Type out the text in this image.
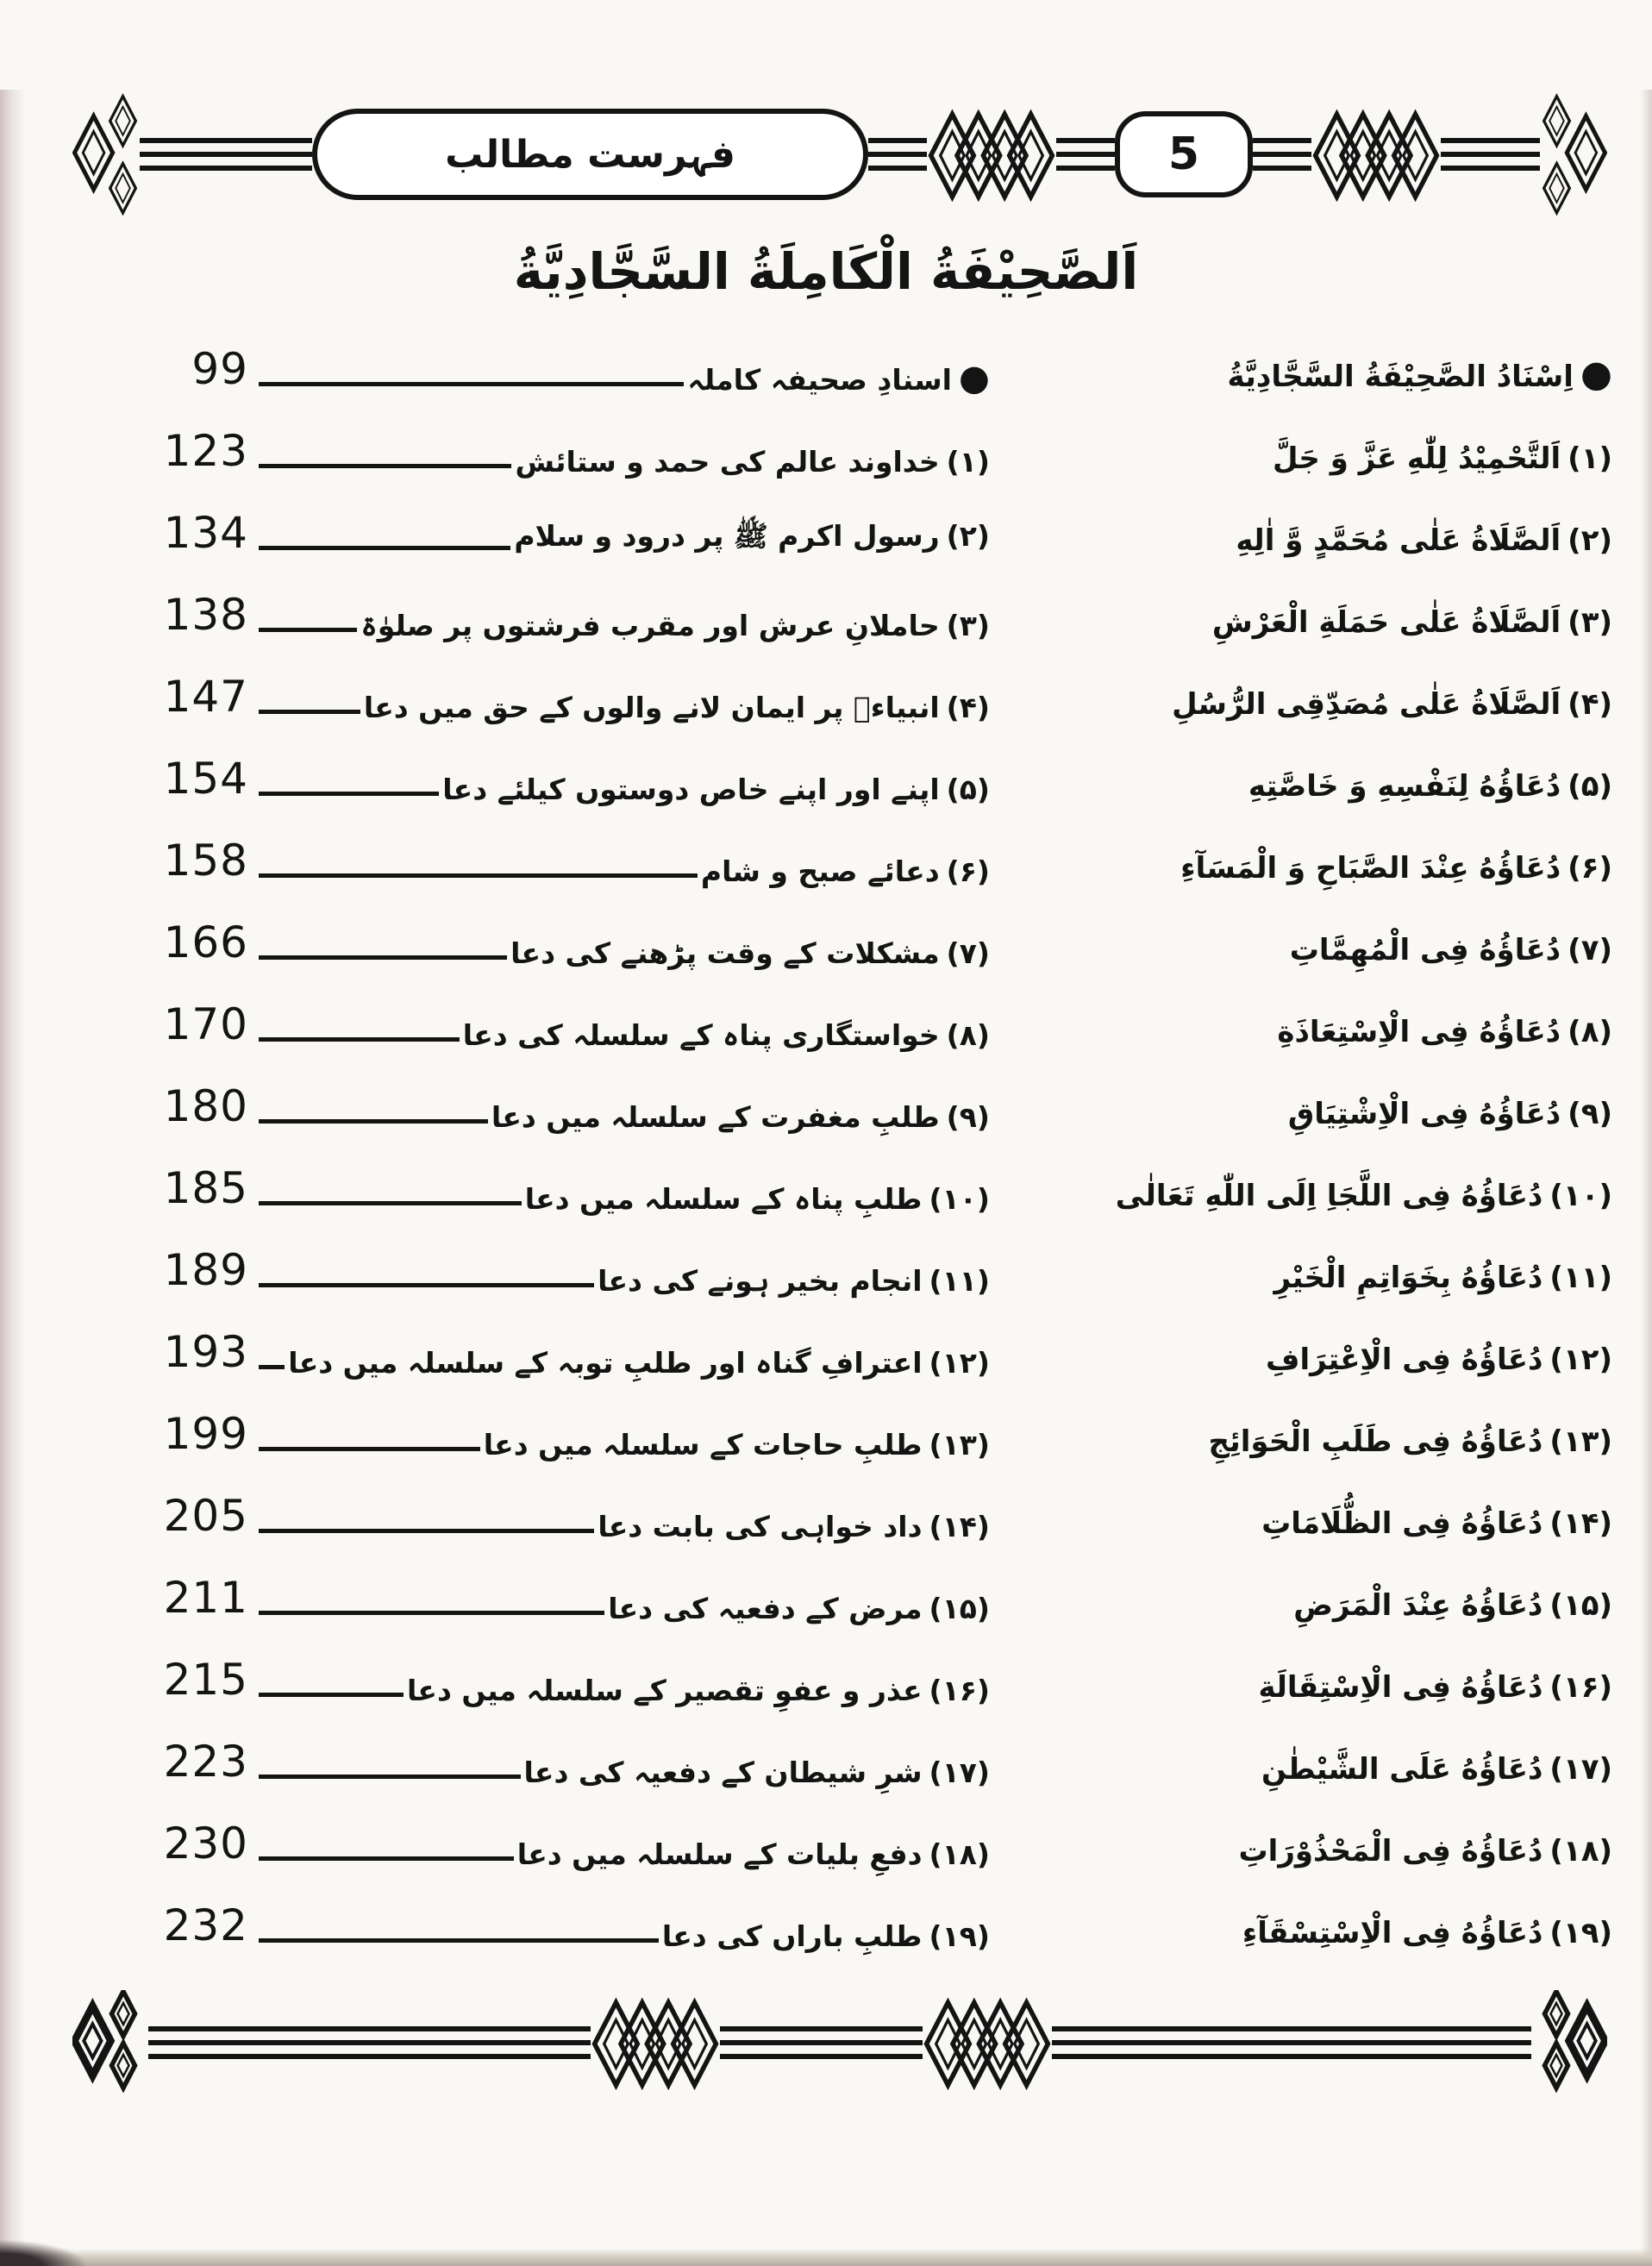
فہرست مطالب	5
اَلصَّحِيْفَةُ الْكَامِلَةُ السَّجَّادِيَّةُ
99	●اسنادِ صحیفہ کاملہ	●اِسْنَادُ الصَّحِيْفَةُ السَّجَّادِيَّةُ
123	(۱)خداوند عالم کی حمد و ستائش	(۱)اَلتَّحْمِيْدُ لِلّٰهِ عَزَّ وَ جَلَّ
134	(۲)رسول اکرم ﷺ پر درود و سلام	(۲)اَلصَّلَاةُ عَلٰى مُحَمَّدٍ وَّ اٰلِهِ
138	(۳)حاملانِ عرش اور مقرب فرشتوں پر صلوٰۃ	(۳)اَلصَّلَاةُ عَلٰى حَمَلَةِ الْعَرْشِ
147	(۴)انبیاءؑ پر ایمان لانے والوں کے حق میں دعا	(۴)اَلصَّلَاةُ عَلٰى مُصَدِّقِی الرُّسُلِ
154	(۵)اپنے اور اپنے خاص دوستوں کیلئے دعا	(۵)دُعَاؤُهُ لِنَفْسِهِ وَ خَاصَّتِهِ
158	(۶)دعائے صبح و شام	(۶)دُعَاؤُهُ عِنْدَ الصَّبَاحِ وَ الْمَسَآءِ
166	(۷)مشکلات کے وقت پڑھنے کی دعا	(۷)دُعَاؤُهُ فِی الْمُهِمَّاتِ
170	(۸)خواستگاری پناہ کے سلسلہ کی دعا	(۸)دُعَاؤُهُ فِی الْاِسْتِعَاذَةِ
180	(۹)طلبِ مغفرت کے سلسلہ میں دعا	(۹)دُعَاؤُهُ فِی الْاِشْتِيَاقِ
185	(۱۰)طلبِ پناہ کے سلسلہ میں دعا	(۱۰)دُعَاؤُهُ فِی اللَّجَاِ اِلَى اللّٰهِ تَعَالٰى
189	(۱۱)انجام بخیر ہونے کی دعا	(۱۱)دُعَاؤُهُ بِخَوَاتِمِ الْخَيْرِ
193	(۱۲)اعترافِ گناہ اور طلبِ توبہ کے سلسلہ میں دعا	(۱۲)دُعَاؤُهُ فِی الْاِعْتِرَافِ
199	(۱۳)طلبِ حاجات کے سلسلہ میں دعا	(۱۳)دُعَاؤُهُ فِی طَلَبِ الْحَوَائِجِ
205	(۱۴)داد خواہی کی بابت دعا	(۱۴)دُعَاؤُهُ فِی الظُّلَامَاتِ
211	(۱۵)مرض کے دفعیہ کی دعا	(۱۵)دُعَاؤُهُ عِنْدَ الْمَرَضِ
215	(۱۶)عذر و عفوِ تقصیر کے سلسلہ میں دعا	(۱۶)دُعَاؤُهُ فِی الْاِسْتِقَالَةِ
223	(۱۷)شرِ شیطان کے دفعیہ کی دعا	(۱۷)دُعَاؤُهُ عَلَى الشَّيْطٰنِ
230	(۱۸)دفعِ بلیات کے سلسلہ میں دعا	(۱۸)دُعَاؤُهُ فِی الْمَحْذُوْرَاتِ
232	(۱۹)طلبِ باراں کی دعا	(۱۹)دُعَاؤُهُ فِی الْاِسْتِسْقَآءِ
